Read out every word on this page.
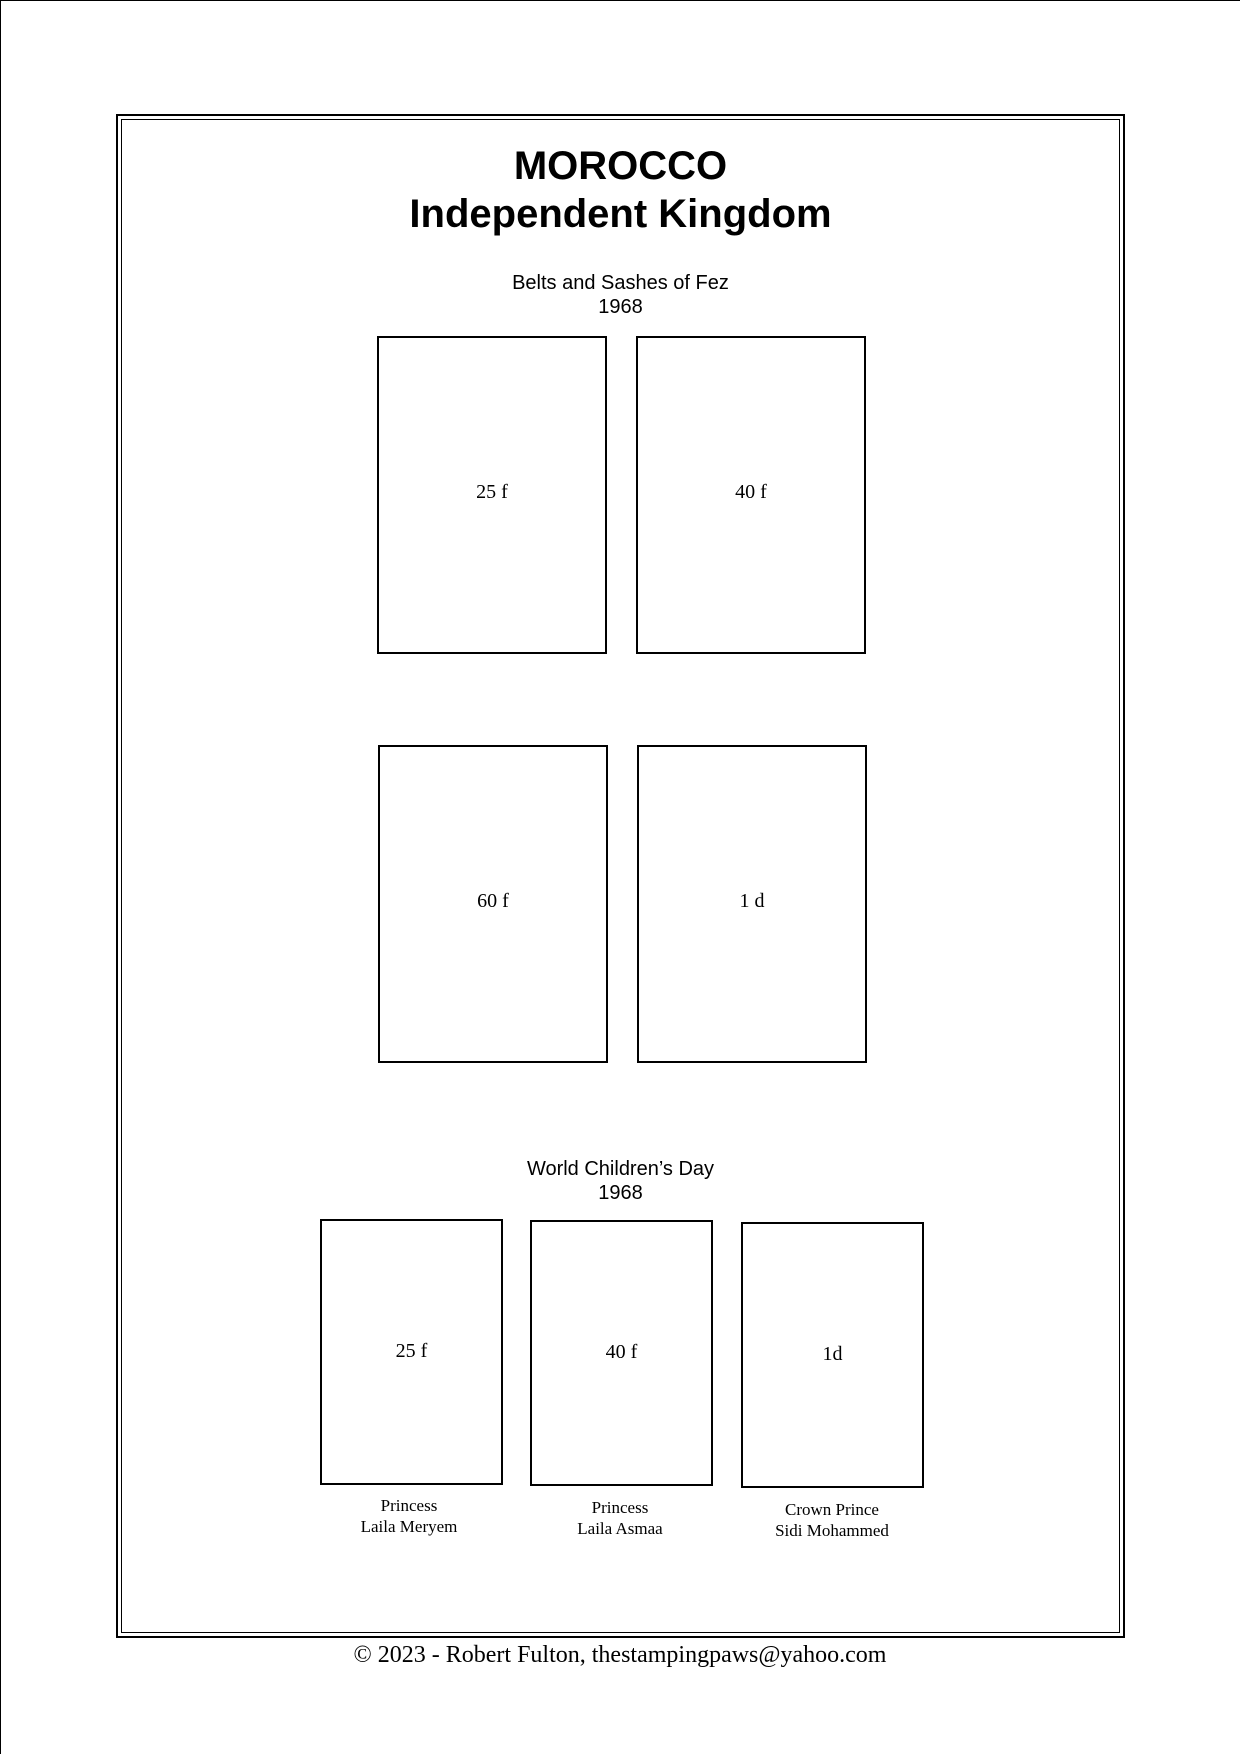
MOROCCO
Independent Kingdom
Belts and Sashes of Fez
1968
25 f	40 f
60 f	1 d
World Children’s Day
1968
25 f	40 f	1d
Princess
Laila Meryem
Princess
Laila Asmaa
Crown Prince
Sidi Mohammed
© 2023 - Robert Fulton, thestampingpaws@yahoo.com
